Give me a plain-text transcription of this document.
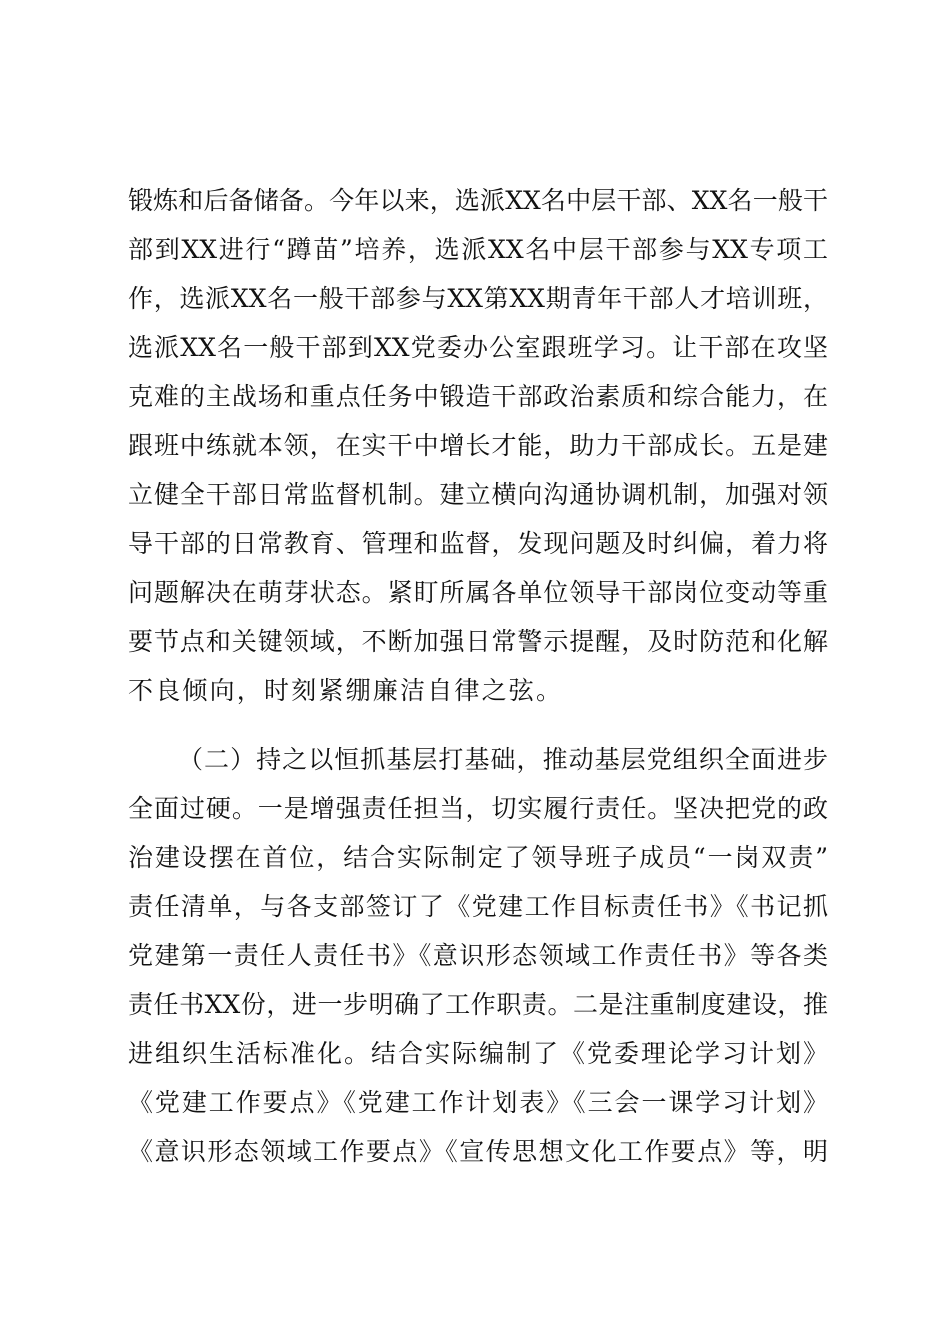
锻炼和后备储备。今年以来，选派XX名中层干部、XX名一般干
部到XX进行“蹲苗”培养，选派XX名中层干部参与XX专项工
作，选派XX名一般干部参与XX第XX期青年干部人才培训班，
选派XX名一般干部到XX党委办公室跟班学习。让干部在攻坚
克难的主战场和重点任务中锻造干部政治素质和综合能力，在
跟班中练就本领，在实干中增长才能，助力干部成长。五是建
立健全干部日常监督机制。建立横向沟通协调机制，加强对领
导干部的日常教育、管理和监督，发现问题及时纠偏，着力将
问题解决在萌芽状态。紧盯所属各单位领导干部岗位变动等重
要节点和关键领域，不断加强日常警示提醒，及时防范和化解
不良倾向，时刻紧绷廉洁自律之弦。
（二）持之以恒抓基层打基础，推动基层党组织全面进步
全面过硬。一是增强责任担当，切实履行责任。坚决把党的政
治建设摆在首位，结合实际制定了领导班子成员“一岗双责”
责任清单，与各支部签订了《党建工作目标责任书》《书记抓
党建第一责任人责任书》《意识形态领域工作责任书》等各类
责任书XX份，进一步明确了工作职责。二是注重制度建设，推
进组织生活标准化。结合实际编制了《党委理论学习计划》
《党建工作要点》《党建工作计划表》《三会一课学习计划》
《意识形态领域工作要点》《宣传思想文化工作要点》等，明
